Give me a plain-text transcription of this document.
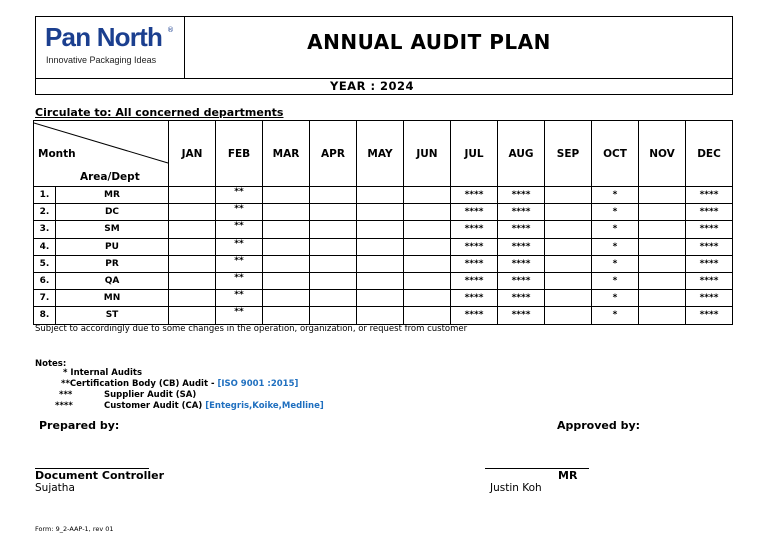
Pan North ®
Innovative Packaging Ideas
ANNUAL AUDIT PLAN
YEAR : 2024
Circulate to: All concerned departments
Month
Area/Dept		JAN	FEB	MAR	APR	MAY	JUN	JUL	AUG	SEP	OCT	NOV	DEC
1.	MR		**					****	****		*		****
2.	DC		**					****	****		*		****
3.	SM		**					****	****		*		****
4.	PU		**					****	****		*		****
5.	PR		**					****	****		*		****
6.	QA		**					****	****		*		****
7.	MN		**					****	****		*		****
8.	ST		**					****	****		*		****
Subject to accordingly due to some changes in the operation, organization, or request from customer
Notes:
* Internal Audits
**Certification Body (CB) Audit - [ISO 9001 :2015]
***	Supplier Audit (SA)
****	Customer Audit (CA) [Entegris,Koike,Medline]
Prepared by:	Approved by:
Document Controller
Sujatha
MR
Justin Koh
Form: 9_2-AAP-1, rev 01
